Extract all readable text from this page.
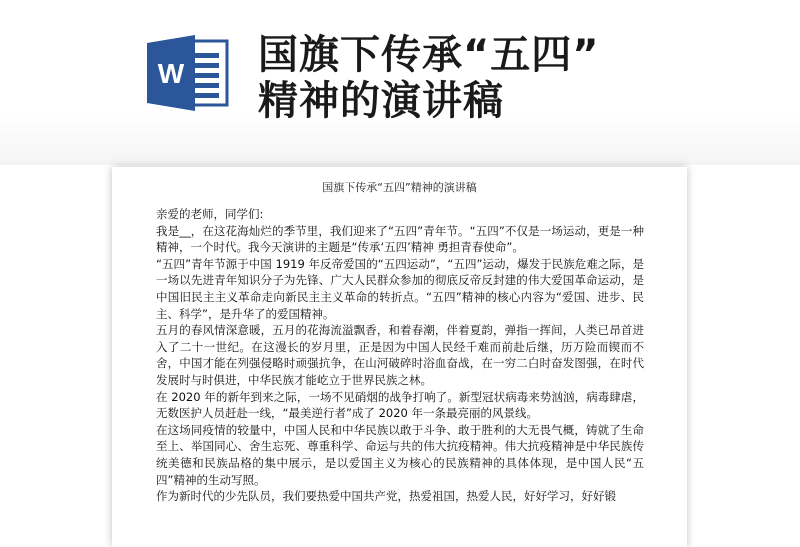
W 国旗下传承“五四”
精神的演讲稿

国旗下传承“五四”精神的演讲稿

亲爱的老师，同学们:

我是__，在这花海灿烂的季节里，我们迎来了“五四”青年节。“五四”不仅是一场运动，更是一种精神，一个时代。我今天演讲的主题是“传承‘五四’精神 勇担青春使命”。

“五四”青年节源于中国 1919 年反帝爱国的“五四运动”，“五四”运动，爆发于民族危难之际，是一场以先进青年知识分子为先锋、广大人民群众参加的彻底反帝反封建的伟大爱国革命运动，是中国旧民主主义革命走向新民主主义革命的转折点。“五四”精神的核心内容为“爱国、进步、民主、科学”，是升华了的爱国精神。

五月的春风情深意暖，五月的花海流溢飘香，和着春潮，伴着夏韵，弹指一挥间，人类已昂首进入了二十一世纪。在这漫长的岁月里，正是因为中国人民经千难而前赴后继，历万险而锲而不舍，中国才能在列强侵略时顽强抗争，在山河破碎时浴血奋战，在一穷二白时奋发图强，在时代发展时与时俱进，中华民族才能屹立于世界民族之林。

在 2020 年的新年到来之际，一场不见硝烟的战争打响了。新型冠状病毒来势汹汹，病毒肆虐，无数医护人员赶赴一线，“最美逆行者”成了 2020 年一条最亮丽的风景线。

在这场同疫情的较量中，中国人民和中华民族以敢于斗争、敢于胜利的大无畏气概，铸就了生命至上、举国同心、舍生忘死、尊重科学、命运与共的伟大抗疫精神。伟大抗疫精神是中华民族传统美德和民族品格的集中展示，是以爱国主义为核心的民族精神的具体体现，是中国人民“五四”精神的生动写照。

作为新时代的少先队员，我们要热爱中国共产党，热爱祖国，热爱人民，好好学习，好好锻
